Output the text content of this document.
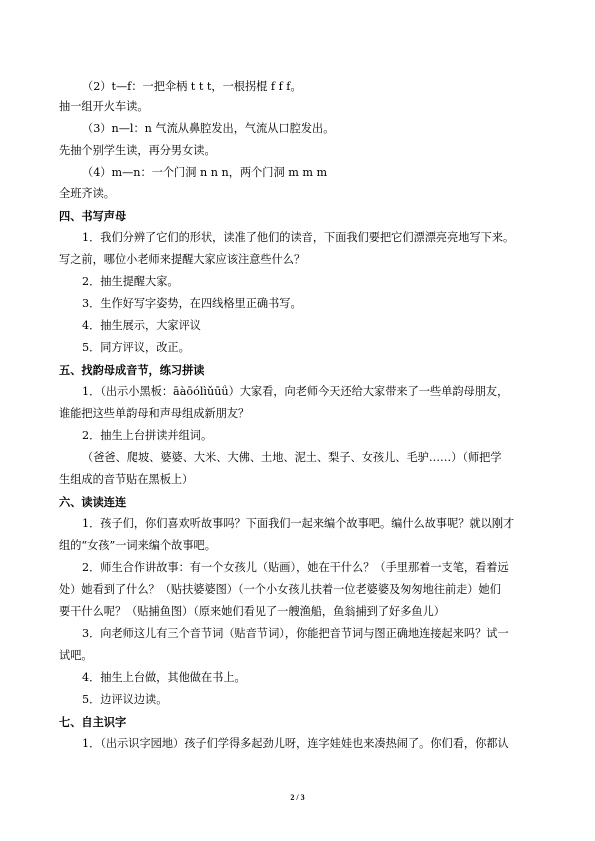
（2）t—f：一把伞柄 t t t，一根拐棍 f f f。
抽一组开火车读。
（3）n—l：n 气流从鼻腔发出，气流从口腔发出。
先抽个别学生读，再分男女读。
（4）m—n：一个门洞 n n n，两个门洞 m m m
全班齐读。
四、书写声母
1．我们分辨了它们的形状，读准了他们的读音，下面我们要把它们漂漂亮亮地写下来。
写之前，哪位小老师来提醒大家应该注意些什么？
2．抽生提醒大家。
3．生作好写字姿势，在四线格里正确书写。
4．抽生展示，大家评议
5．同方评议，改正。
五、找韵母成音节，练习拼读
1．（出示小黑板：āàōólìǔūǘ）大家看，向老师今天还给大家带来了一些单韵母朋友，
谁能把这些单韵母和声母组成新朋友？
2．抽生上台拼读并组词。
（爸爸、爬坡、婆婆、大米、大佛、土地、泥土、梨子、女孩儿、毛驴……）（师把学
生组成的音节贴在黑板上）
六、读读连连
1．孩子们，你们喜欢听故事吗？下面我们一起来编个故事吧。编什么故事呢？就以刚才
组的“女孩”一词来编个故事吧。
2．师生合作讲故事：有一个女孩儿（贴画），她在干什么？（手里那着一支笔，看着远
处）她看到了什么？（贴扶婆婆图）（一个小女孩儿扶着一位老婆婆及匆匆地往前走）她们
要干什么呢？（贴捕鱼图）（原来她们看见了一艘渔船，鱼翁捕到了好多鱼儿）
3．向老师这儿有三个音节词（贴音节词），你能把音节词与图正确地连接起来吗？试一
试吧。
4．抽生上台做，其他做在书上。
5．边评议边读。
七、自主识字
1．（出示识字园地）孩子们学得多起劲儿呀，连字娃娃也来凑热闹了。你们看，你都认
2 / 3
